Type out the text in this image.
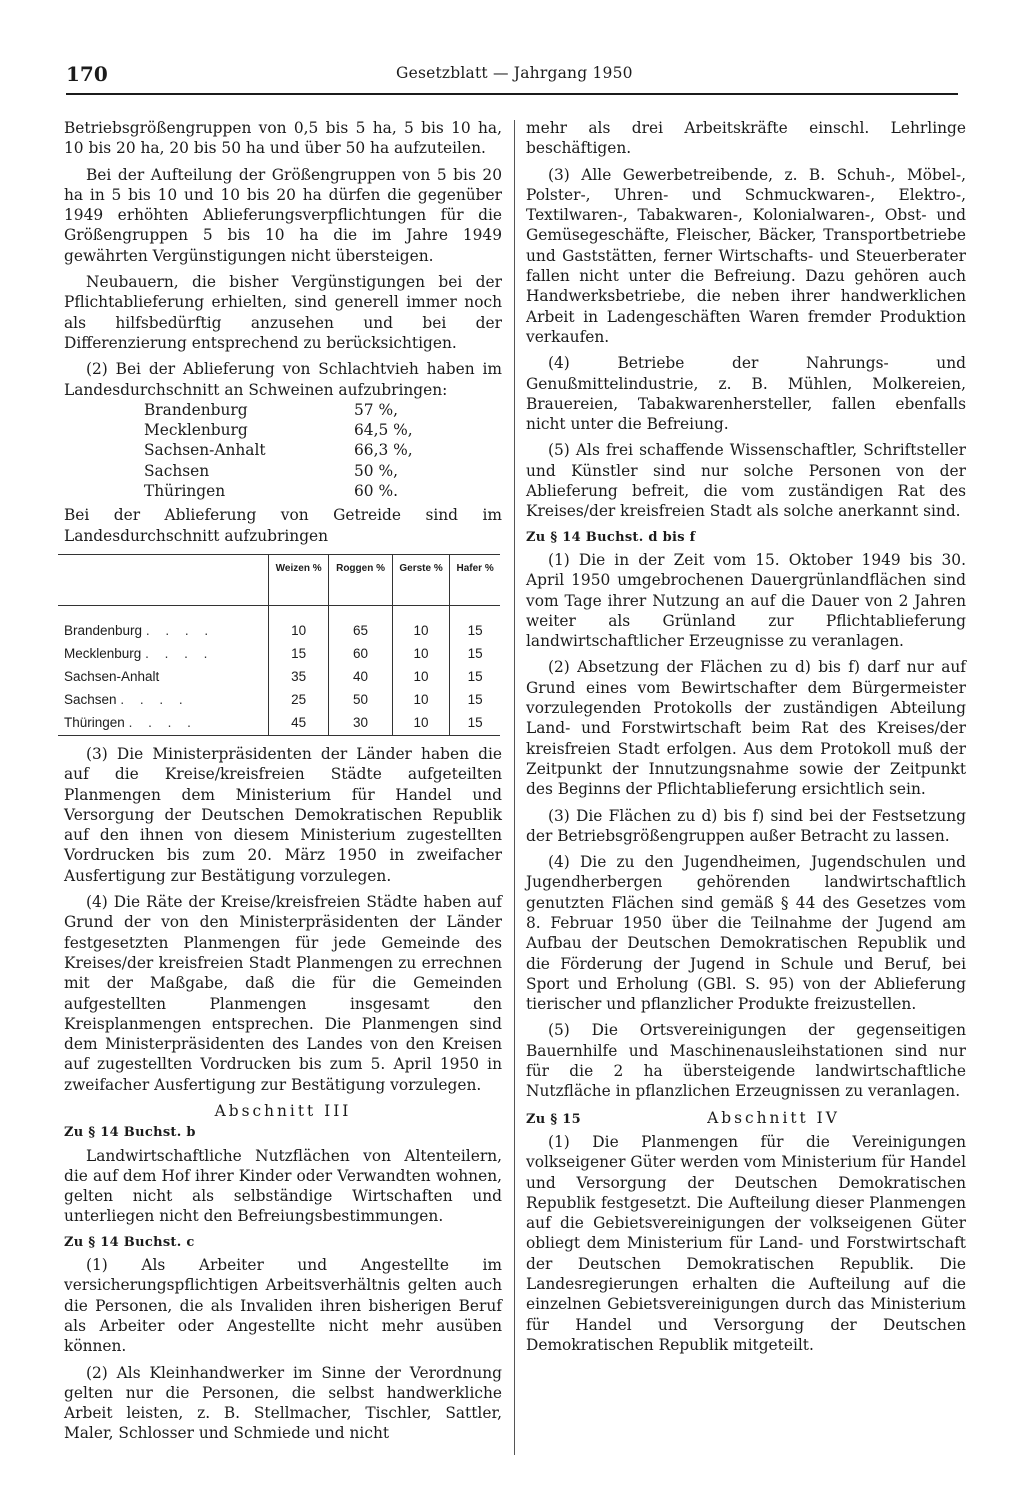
170	Gesetzblatt — Jahrgang 1950

Betriebsgrößengruppen von 0,5 bis 5 ha, 5 bis 10 ha, 10 bis 20 ha, 20 bis 50 ha und über 50 ha aufzuteilen.

Bei der Aufteilung der Größengruppen von 5 bis 20 ha in 5 bis 10 und 10 bis 20 ha dürfen die gegenüber 1949 erhöhten Ablieferungsverpflichtungen für die Größengruppen 5 bis 10 ha die im Jahre 1949 gewährten Vergünstigungen nicht übersteigen.

Neubauern, die bisher Vergünstigungen bei der Pflichtablieferung erhielten, sind generell immer noch als hilfsbedürftig anzusehen und bei der Differenzierung entsprechend zu berücksichtigen.

(2) Bei der Ablieferung von Schlachtvieh haben im Landesdurchschnitt an Schweinen aufzubringen:

Brandenburg	57 %,
Mecklenburg	64,5 %,
Sachsen-Anhalt	66,3 %,
Sachsen	50 %,
Thüringen	60 %.

Bei der Ablieferung von Getreide sind im Landesdurchschnitt aufzubringen

	Weizen %	Roggen %	Gerste %	Hafer %
Brandenburg . . . .	10	65	10	15
Mecklenburg . . . .	15	60	10	15
Sachsen-Anhalt	35	40	10	15
Sachsen . . . .	25	50	10	15
Thüringen . . . .	45	30	10	15

(3) Die Ministerpräsidenten der Länder haben die auf die Kreise/kreisfreien Städte aufgeteilten Planmengen dem Ministerium für Handel und Versorgung der Deutschen Demokratischen Republik auf den ihnen von diesem Ministerium zugestellten Vordrucken bis zum 20. März 1950 in zweifacher Ausfertigung zur Bestätigung vorzulegen.

(4) Die Räte der Kreise/kreisfreien Städte haben auf Grund der von den Ministerpräsidenten der Länder festgesetzten Planmengen für jede Gemeinde des Kreises/der kreisfreien Stadt Planmengen zu errechnen mit der Maßgabe, daß die für die Gemeinden aufgestellten Planmengen insgesamt den Kreisplanmengen entsprechen. Die Planmengen sind dem Ministerpräsidenten des Landes von den Kreisen auf zugestellten Vordrucken bis zum 5. April 1950 in zweifacher Ausfertigung zur Bestätigung vorzulegen.

Abschnitt III
Zu § 14 Buchst. b

Landwirtschaftliche Nutzflächen von Altenteilern, die auf dem Hof ihrer Kinder oder Verwandten wohnen, gelten nicht als selbständige Wirtschaften und unterliegen nicht den Befreiungsbestimmungen.

Zu § 14 Buchst. c

(1) Als Arbeiter und Angestellte im versicherungspflichtigen Arbeitsverhältnis gelten auch die Personen, die als Invaliden ihren bisherigen Beruf als Arbeiter oder Angestellte nicht mehr ausüben können.

(2) Als Kleinhandwerker im Sinne der Verordnung gelten nur die Personen, die selbst handwerkliche Arbeit leisten, z. B. Stellmacher, Tischler, Sattler, Maler, Schlosser und Schmiede und nicht

mehr als drei Arbeitskräfte einschl. Lehrlinge beschäftigen.

(3) Alle Gewerbetreibende, z. B. Schuh-, Möbel-, Polster-, Uhren- und Schmuckwaren-, Elektro-, Textilwaren-, Tabakwaren-, Kolonialwaren-, Obst- und Gemüsegeschäfte, Fleischer, Bäcker, Transportbetriebe und Gaststätten, ferner Wirtschafts- und Steuerberater fallen nicht unter die Befreiung. Dazu gehören auch Handwerksbetriebe, die neben ihrer handwerklichen Arbeit in Ladengeschäften Waren fremder Produktion verkaufen.

(4) Betriebe der Nahrungs- und Genußmittelindustrie, z. B. Mühlen, Molkereien, Brauereien, Tabakwarenhersteller, fallen ebenfalls nicht unter die Befreiung.

(5) Als frei schaffende Wissenschaftler, Schriftsteller und Künstler sind nur solche Personen von der Ablieferung befreit, die vom zuständigen Rat des Kreises/der kreisfreien Stadt als solche anerkannt sind.

Zu § 14 Buchst. d bis f

(1) Die in der Zeit vom 15. Oktober 1949 bis 30. April 1950 umgebrochenen Dauergrünlandflächen sind vom Tage ihrer Nutzung an auf die Dauer von 2 Jahren weiter als Grünland zur Pflichtablieferung landwirtschaftlicher Erzeugnisse zu veranlagen.

(2) Absetzung der Flächen zu d) bis f) darf nur auf Grund eines vom Bewirtschafter dem Bürgermeister vorzulegenden Protokolls der zuständigen Abteilung Land- und Forstwirtschaft beim Rat des Kreises/der kreisfreien Stadt erfolgen. Aus dem Protokoll muß der Zeitpunkt der Innutzungsnahme sowie der Zeitpunkt des Beginns der Pflichtablieferung ersichtlich sein.

(3) Die Flächen zu d) bis f) sind bei der Festsetzung der Betriebsgrößengruppen außer Betracht zu lassen.

(4) Die zu den Jugendheimen, Jugendschulen und Jugendherbergen gehörenden landwirtschaftlich genutzten Flächen sind gemäß § 44 des Gesetzes vom 8. Februar 1950 über die Teilnahme der Jugend am Aufbau der Deutschen Demokratischen Republik und die Förderung der Jugend in Schule und Beruf, bei Sport und Erholung (GBl. S. 95) von der Ablieferung tierischer und pflanzlicher Produkte freizustellen.

(5) Die Ortsvereinigungen der gegenseitigen Bauernhilfe und Maschinenausleihstationen sind nur für die 2 ha übersteigende landwirtschaftliche Nutzfläche in pflanzlichen Erzeugnissen zu veranlagen.

Zu § 15	Abschnitt IV

(1) Die Planmengen für die Vereinigungen volkseigener Güter werden vom Ministerium für Handel und Versorgung der Deutschen Demokratischen Republik festgesetzt. Die Aufteilung dieser Planmengen auf die Gebietsvereinigungen der volkseigenen Güter obliegt dem Ministerium für Land- und Forstwirtschaft der Deutschen Demokratischen Republik. Die Landesregierungen erhalten die Aufteilung auf die einzelnen Gebietsvereinigungen durch das Ministerium für Handel und Versorgung der Deutschen Demokratischen Republik mitgeteilt.
